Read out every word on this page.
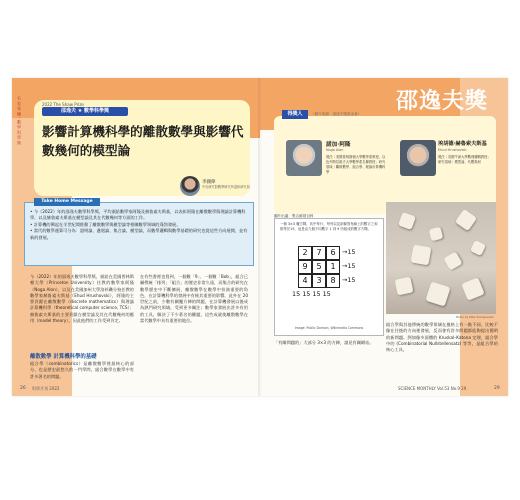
名 家 專 欄 - 數 學 科 學 獎	2022 The Shaw Prize
邵逸夫 ★ 數學科學獎
影響計算機科學的離散數學與影響代數幾何的模型論
李國偉
中央研究院數學研究所退休研究員
Take Home Message
• 今（2022）年的邵逸夫數學科學獎，平均頒給數學家阿隆及赫魯索夫斯基，以表彰阿隆在離散數學與理論計算機科學，以及赫魯索夫斯基在模型論及其在代數幾何等方面的工作。
• 計算機的興起在半世紀間推動了離散數學與模型論等相關數學領域的蓬勃發展。
• 當代的數學運算可分為：證明論、遞迴論、集合論、模型論，而數學邏輯與數學基礎的研究也從這些方向展開，並有新的發展。
今（2022）年的邵逸夫數學科學獎，頒給在美國普林斯頓大學（Princeton University）任教的數學家阿隆（Noga Alon），以及在美國加州大學洛杉磯分校任教的數學家赫魯索夫斯基（Ehud Hrushovski），阿隆的主要貢獻在離散數學（discrete mathematics）與理論計算機科學（theoretical computer science, TCS）；赫魯索夫斯基的主要貢獻在模型論及其在代數幾何的應用（model theory），因此他們的工作受到肯定。
離散數學 計算機科學的基礎
組合學（combinatorics）是離散數學裡最核心的部分，也是歷史最悠久的一門學問，組合數學在數學中有許多著名的問題。
在有些書裡也寫到，一個數「9」、一個數「Bob」，組合已屬傳統「排列」「組合」的歷史非常久遠，而集合的研究在數學歷史中不斷擴展，離散數學在數學中扮演重要的角色，在計算機科學的發展中有極其重要的影響。此外在 20 世紀之前，少數有關魔方陣的問題，在計算機發展以後成為熱門研究領域，受到更多關注；數學家發展出許多有用的工具，解決了不少著名的難題，這些成就使離散數學在當代數學中具有重要的地位。
26 科學月刊 2022
邵逸夫獎
得獎人	（照片來源：邵逸夫獎基金會）
諾加·阿隆
Noga Alon
現任｜美國普林斯頓大學數學系教授、以色列特拉維夫大學數學系名譽教授；研究領域｜離散數學、組合學、理論計算機科學
埃胡德·赫魯索夫斯基
Ehud Hrushovski
現任｜英國牛津大學數理邏輯教授；研究領域｜模型論、代數幾何
圖片出處：集合維基百科
一個 3×3 魔方陣，其中每行、每列以及兩條對角線上的數字之和都等於15，這是由九個不同數字 1 到 9 所組成的數字方陣。
2	7	6	→15
9	5	1	→15
4	3	8	→15
15 15 15 15
Image: Public Domain, Wikimedia Commons
Photo by Mike Szczepanski
組合學與其他傳統的數學領域在風格上有一點不同，比較不像在往後的方向裡發展，反而會有許多問題都能夠提出簡明的新問題。例如像多面體的 Kruskal–Katona 定理，組合學中的 (Combinatorial Nullstellensatz) 等等，是組合學的核心工具。
「有關問題的」大部分 3×3 的方陣，請見有關網站。
29
SCIENCE MONTHLY Vol.53 No.9 29
